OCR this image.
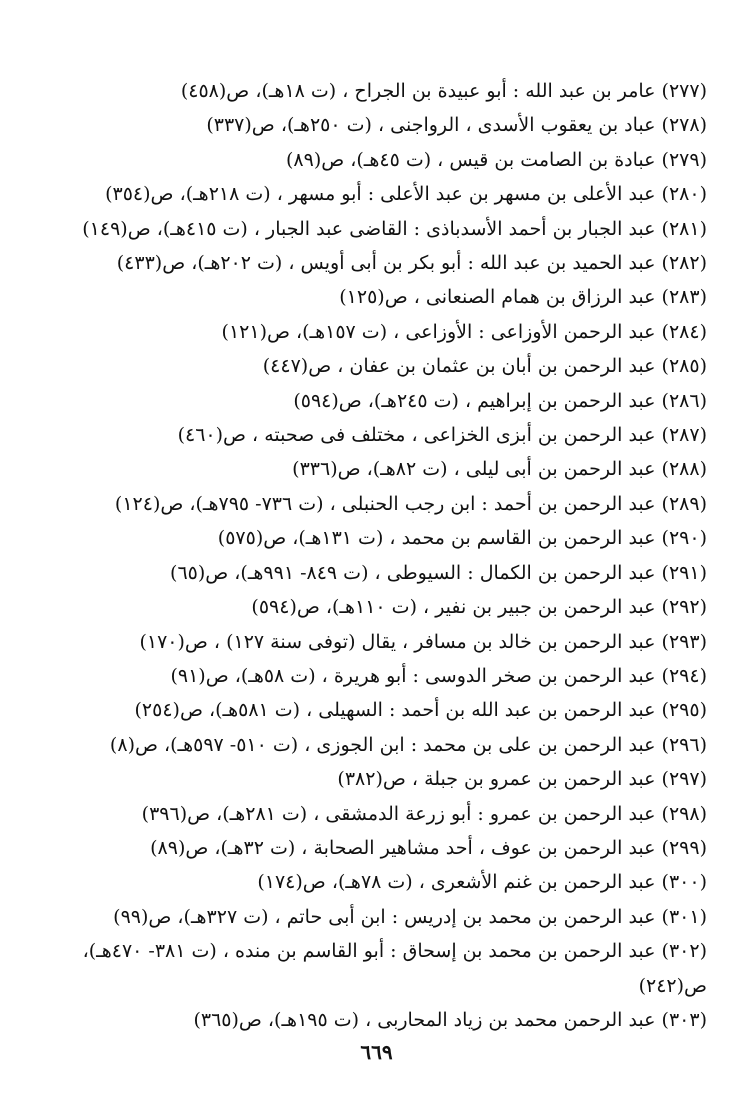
(٢٧٧) عامر بن عبد الله : أبو عبيدة بن الجراح ، (ت ١٨هـ)، ص(٤٥٨)
(٢٧٨) عباد بن يعقوب الأسدى ، الرواجنى ، (ت ٢٥٠هـ)، ص(٣٣٧)
(٢٧٩) عبادة بن الصامت بن قيس ، (ت ٤٥هـ)، ص(٨٩)
(٢٨٠) عبد الأعلى بن مسهر بن عبد الأعلى : أبو مسهر ، (ت ٢١٨هـ)، ص(٣٥٤)
(٢٨١) عبد الجبار بن أحمد الأسدباذى : القاضى عبد الجبار ، (ت ٤١٥هـ)، ص(١٤٩)
(٢٨٢) عبد الحميد بن عبد الله : أبو بكر بن أبى أويس ، (ت ٢٠٢هـ)، ص(٤٣٣)
(٢٨٣) عبد الرزاق بن همام الصنعانى ، ص(١٢٥)
(٢٨٤) عبد الرحمن الأوزاعى : الأوزاعى ، (ت ١٥٧هـ)، ص(١٢١)
(٢٨٥) عبد الرحمن بن أبان بن عثمان بن عفان ، ص(٤٤٧)
(٢٨٦) عبد الرحمن بن إبراهيم ، (ت ٢٤٥هـ)، ص(٥٩٤)
(٢٨٧) عبد الرحمن بن أبزى الخزاعى ، مختلف فى صحبته ، ص(٤٦٠)
(٢٨٨) عبد الرحمن بن أبى ليلى ، (ت ٨٢هـ)، ص(٣٣٦)
(٢٨٩) عبد الرحمن بن أحمد : ابن رجب الحنبلى ، (ت ٧٣٦- ٧٩٥هـ)، ص(١٢٤)
(٢٩٠) عبد الرحمن بن القاسم بن محمد ، (ت ١٣١هـ)، ص(٥٧٥)
(٢٩١) عبد الرحمن بن الكمال : السيوطى ، (ت ٨٤٩- ٩٩١هـ)، ص(٦٥)
(٢٩٢) عبد الرحمن بن جبير بن نفير ، (ت ١١٠هـ)، ص(٥٩٤)
(٢٩٣) عبد الرحمن بن خالد بن مسافر ، يقال (توفى سنة ١٢٧) ، ص(١٧٠)
(٢٩٤) عبد الرحمن بن صخر الدوسى : أبو هريرة ، (ت ٥٨هـ)، ص(٩١)
(٢٩٥) عبد الرحمن بن عبد الله بن أحمد : السهيلى ، (ت ٥٨١هـ)، ص(٢٥٤)
(٢٩٦) عبد الرحمن بن على بن محمد : ابن الجوزى ، (ت ٥١٠- ٥٩٧هـ)، ص(٨)
(٢٩٧) عبد الرحمن بن عمرو بن جبلة ، ص(٣٨٢)
(٢٩٨) عبد الرحمن بن عمرو : أبو زرعة الدمشقى ، (ت ٢٨١هـ)، ص(٣٩٦)
(٢٩٩) عبد الرحمن بن عوف ، أحد مشاهير الصحابة ، (ت ٣٢هـ)، ص(٨٩)
(٣٠٠) عبد الرحمن بن غنم الأشعرى ، (ت ٧٨هـ)، ص(١٧٤)
(٣٠١) عبد الرحمن بن محمد بن إدريس : ابن أبى حاتم ، (ت ٣٢٧هـ)، ص(٩٩)
(٣٠٢) عبد الرحمن بن محمد بن إسحاق : أبو القاسم بن منده ، (ت ٣٨١- ٤٧٠هـ)، ص(٢٤٢)
(٣٠٣) عبد الرحمن محمد بن زياد المحاربى ، (ت ١٩٥هـ)، ص(٣٦٥)
٦٦٩
